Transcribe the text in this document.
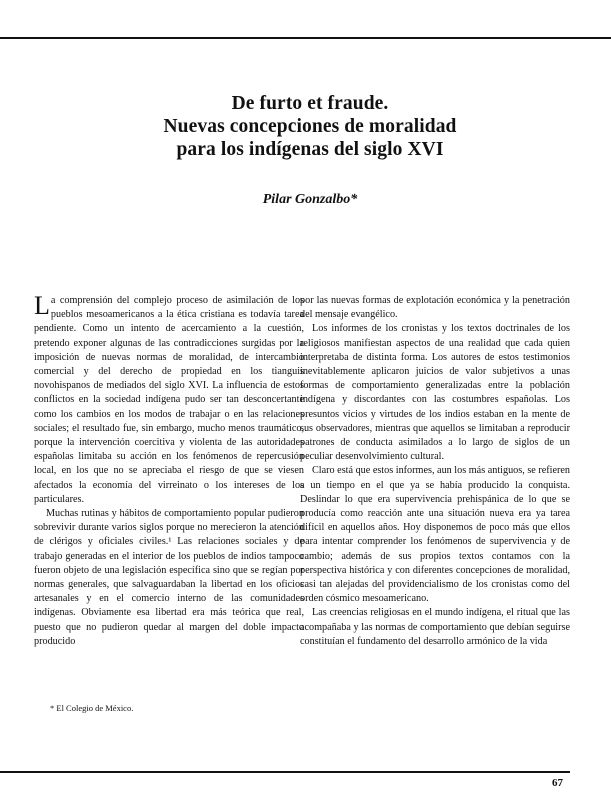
De furto et fraude.
Nuevas concepciones de moralidad
para los indígenas del siglo XVI
Pilar Gonzalbo*

La comprensión del complejo proceso de asimilación de los pueblos mesoamericanos a la ética cristiana es todavía tarea pendiente. Como un intento de acercamiento a la cuestión, pretendo exponer algunas de las contradicciones surgidas por la imposición de nuevas normas de moralidad, de intercambio comercial y del derecho de propiedad en los tianguis novohispanos de mediados del siglo XVI. La influencia de estos conflictos en la sociedad indígena pudo ser tan desconcertante como los cambios en los modos de trabajar o en las relaciones sociales; el resultado fue, sin embargo, mucho menos traumático, porque la intervención coercitiva y violenta de las autoridades españolas limitaba su acción en los fenómenos de repercusión local, en los que no se apreciaba el riesgo de que se viesen afectados la economía del virreinato o los intereses de los particulares.

Muchas rutinas y hábitos de comportamiento popular pudieron sobrevivir durante varios siglos porque no merecieron la atención de clérigos y oficiales civiles.¹ Las relaciones sociales y de trabajo generadas en el interior de los pueblos de indios tampoco fueron objeto de una legislación específica sino que se regían por normas generales, que salvaguardaban la libertad en los oficios artesanales y en el comercio interno de las comunidades indígenas. Obviamente esa libertad era más teórica que real, puesto que no pudieron quedar al margen del doble impacto producido

por las nuevas formas de explotación económica y la penetración del mensaje evangélico.

Los informes de los cronistas y los textos doctrinales de los religiosos manifiestan aspectos de una realidad que cada quien interpretaba de distinta forma. Los autores de estos testimonios inevitablemente aplicaron juicios de valor subjetivos a unas formas de comportamiento generalizadas entre la población indígena y discordantes con las costumbres españolas. Los presuntos vicios y virtudes de los indios estaban en la mente de sus observadores, mientras que aquellos se limitaban a reproducir patrones de conducta asimilados a lo largo de siglos de un peculiar desenvolvimiento cultural.

Claro está que estos informes, aun los más antiguos, se refieren a un tiempo en el que ya se había producido la conquista. Deslindar lo que era supervivencia prehispánica de lo que se producía como reacción ante una situación nueva era ya tarea difícil en aquellos años. Hoy disponemos de poco más que ellos para intentar comprender los fenómenos de supervivencia y de cambio; además de sus propios textos contamos con la perspectiva histórica y con diferentes concepciones de moralidad, casi tan alejadas del providencialismo de los cronistas como del orden cósmico mesoamericano.

Las creencias religiosas en el mundo indígena, el ritual que las acompañaba y las normas de comportamiento que debían seguirse constituían el fundamento del desarrollo armónico de la vida

* El Colegio de México.
67
